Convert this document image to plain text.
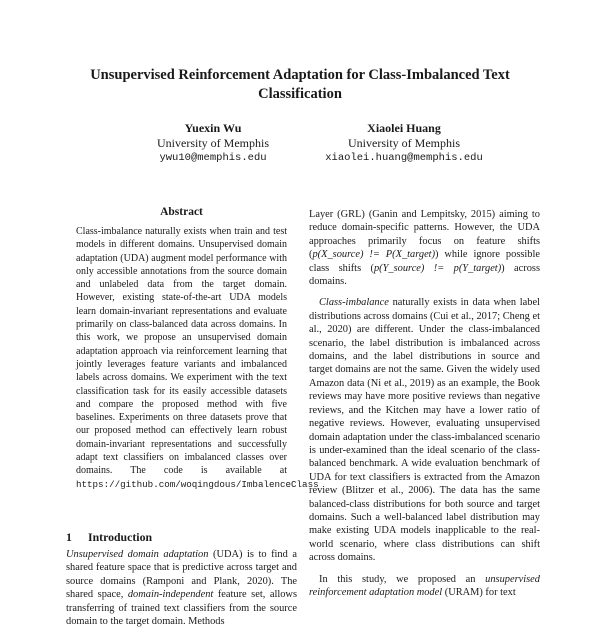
Unsupervised Reinforcement Adaptation for Class-Imbalanced Text Classification
Yuexin Wu
University of Memphis
ywu10@memphis.edu
Xiaolei Huang
University of Memphis
xiaolei.huang@memphis.edu
Abstract
Class-imbalance naturally exists when train and test models in different domains. Unsupervised domain adaptation (UDA) augment model performance with only accessible annotations from the source domain and unlabeled data from the target domain. However, existing state-of-the-art UDA models learn domain-invariant representations and evaluate primarily on class-balanced data across domains. In this work, we propose an unsupervised domain adaptation approach via reinforcement learning that jointly leverages feature variants and imbalanced labels across domains. We experiment with the text classification task for its easily accessible datasets and compare the proposed method with five baselines. Experiments on three datasets prove that our proposed method can effectively learn robust domain-invariant representations and successfully adapt text classifiers on imbalanced classes over domains. The code is available at https://github.com/woqingdous/ImbalenceClass
1 Introduction
Unsupervised domain adaptation (UDA) is to find a shared feature space that is predictive across target and source domains (Ramponi and Plank, 2020). The shared space, domain-independent feature set, allows transferring of trained text classifiers from the source domain to the target domain. Methods

Layer (GRL) (Ganin and Lempitsky, 2015) aiming to reduce domain-specific patterns. However, the UDA approaches primarily focus on feature shifts (p(X_source) != P(X_target)) while ignore possible class shifts (p(Y_source) != p(Y_target)) across domains.

Class-imbalance naturally exists in data when label distributions across domains (Cui et al., 2017; Cheng et al., 2020) are different. Under the class-imbalanced scenario, the label distribution is imbalanced across domains, and the label distributions in source and target domains are not the same. Given the widely used Amazon data (Ni et al., 2019) as an example, the Book reviews may have more positive reviews than negative reviews, and the Kitchen may have a lower ratio of negative reviews. However, evaluating unsupervised domain adaptation under the class-imbalanced scenario is under-examined than the ideal scenario of the class-balanced benchmark. A wide evaluation benchmark of UDA for text classifiers is extracted from the Amazon review (Blitzer et al., 2006). The data has the same balanced-class distributions for both source and target domains. Such a well-balanced label distribution may make existing UDA models inapplicable to the real-world scenario, where class distributions can shift across domains.

In this study, we proposed an unsupervised reinforcement adaptation model (URAM) for text
